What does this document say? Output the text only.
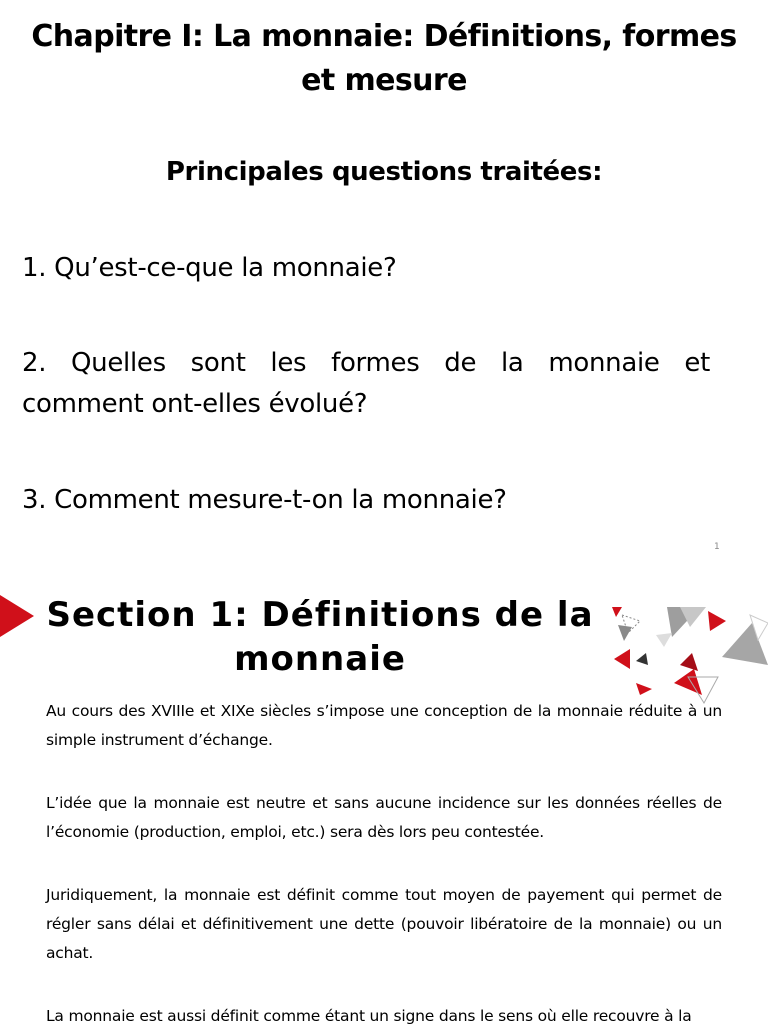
Chapitre I: La monnaie: Définitions, formes et mesure
Principales questions traitées:
1. Qu’est-ce-que la monnaie?
2. Quelles sont les formes de la monnaie et
comment ont-elles évolué?
3. Comment mesure-t-on la monnaie?
1
Section 1: Définitions de la monnaie
Au cours des XVIIIe et XIXe siècles s’impose une conception de la monnaie réduite à un simple instrument d’échange.
L’idée que la monnaie est neutre et sans aucune incidence sur les données réelles de l’économie (production, emploi, etc.) sera dès lors peu contestée.
Juridiquement, la monnaie est définit comme tout moyen de payement qui permet de régler sans délai et définitivement une dette (pouvoir libératoire de la monnaie) ou un achat.
La monnaie est aussi définit comme étant un signe dans le sens où elle recouvre à la
